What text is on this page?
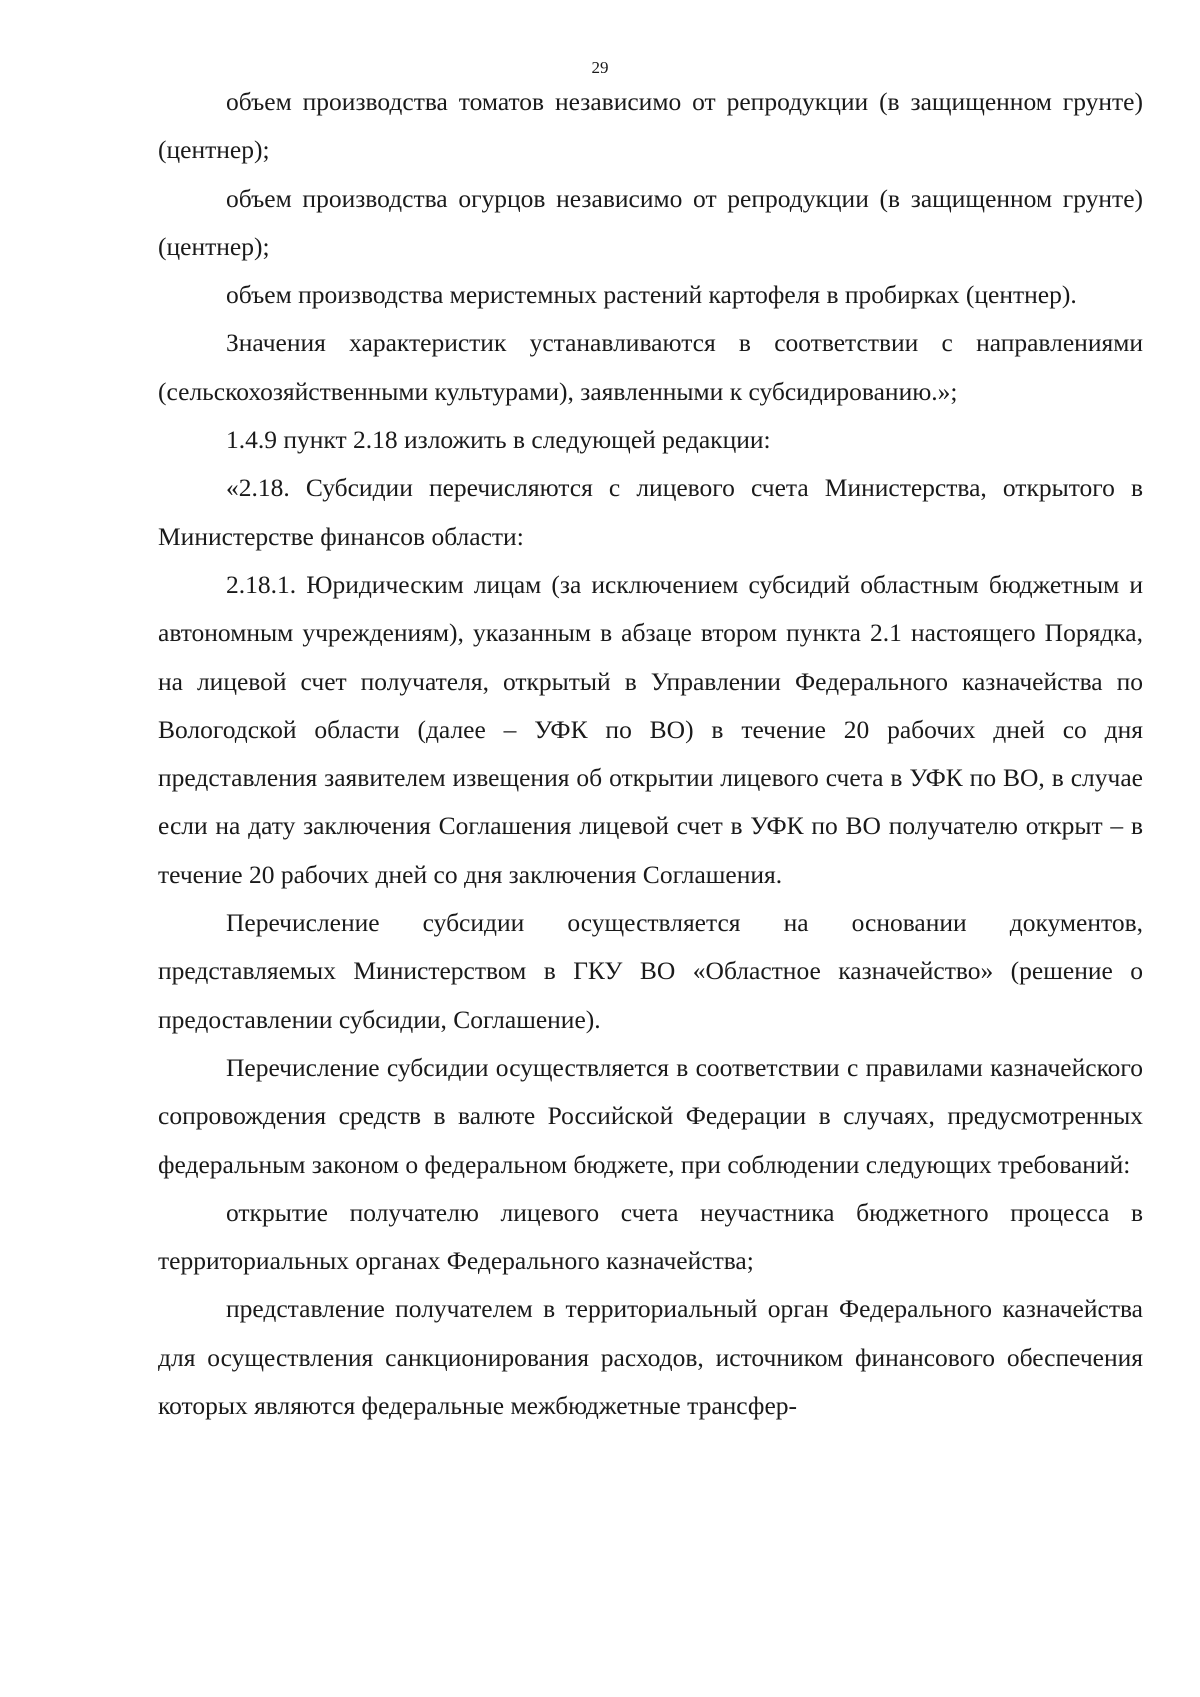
29

объем производства томатов независимо от репродукции (в защищенном грунте) (центнер);

объем производства огурцов независимо от репродукции (в защищенном грунте) (центнер);

объем производства меристемных растений картофеля в пробирках (центнер).

Значения характеристик устанавливаются в соответствии с направлениями (сельскохозяйственными культурами), заявленными к субсидированию.»;

1.4.9 пункт 2.18 изложить в следующей редакции:

«2.18. Субсидии перечисляются с лицевого счета Министерства, открытого в Министерстве финансов области:

2.18.1. Юридическим лицам (за исключением субсидий областным бюджетным и автономным учреждениям), указанным в абзаце втором пункта 2.1 настоящего Порядка, на лицевой счет получателя, открытый в Управлении Федерального казначейства по Вологодской области (далее – УФК по ВО) в течение 20 рабочих дней со дня представления заявителем извещения об открытии лицевого счета в УФК по ВО, в случае если на дату заключения Соглашения лицевой счет в УФК по ВО получателю открыт – в течение 20 рабочих дней со дня заключения Соглашения.

Перечисление субсидии осуществляется на основании документов, представляемых Министерством в ГКУ ВО «Областное казначейство» (решение о предоставлении субсидии, Соглашение).

Перечисление субсидии осуществляется в соответствии с правилами казначейского сопровождения средств в валюте Российской Федерации в случаях, предусмотренных федеральным законом о федеральном бюджете, при соблюдении следующих требований:

открытие получателю лицевого счета неучастника бюджетного процесса в территориальных органах Федерального казначейства;

представление получателем в территориальный орган Федерального казначейства для осуществления санкционирования расходов, источником финансового обеспечения которых являются федеральные межбюджетные трансфер-
